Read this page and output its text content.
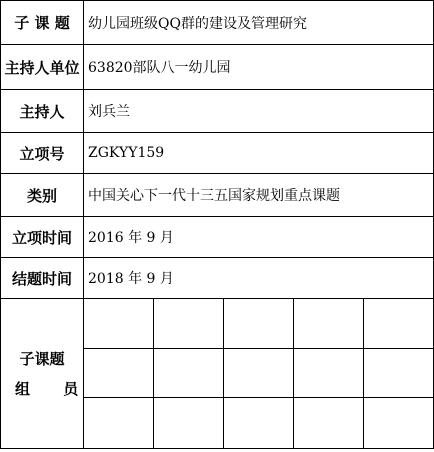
子 课 题	幼儿园班级QQ群的建设及管理研究				
主持人单位	63820部队八一幼儿园				
主持人	刘兵兰				
立项号	ZGKYY159				
类别	中国关心下一代十三五国家规划重点课题				
立项时间	2016 年 9 月				
结题时间	2018 年 9 月				

子课题
组 员					
